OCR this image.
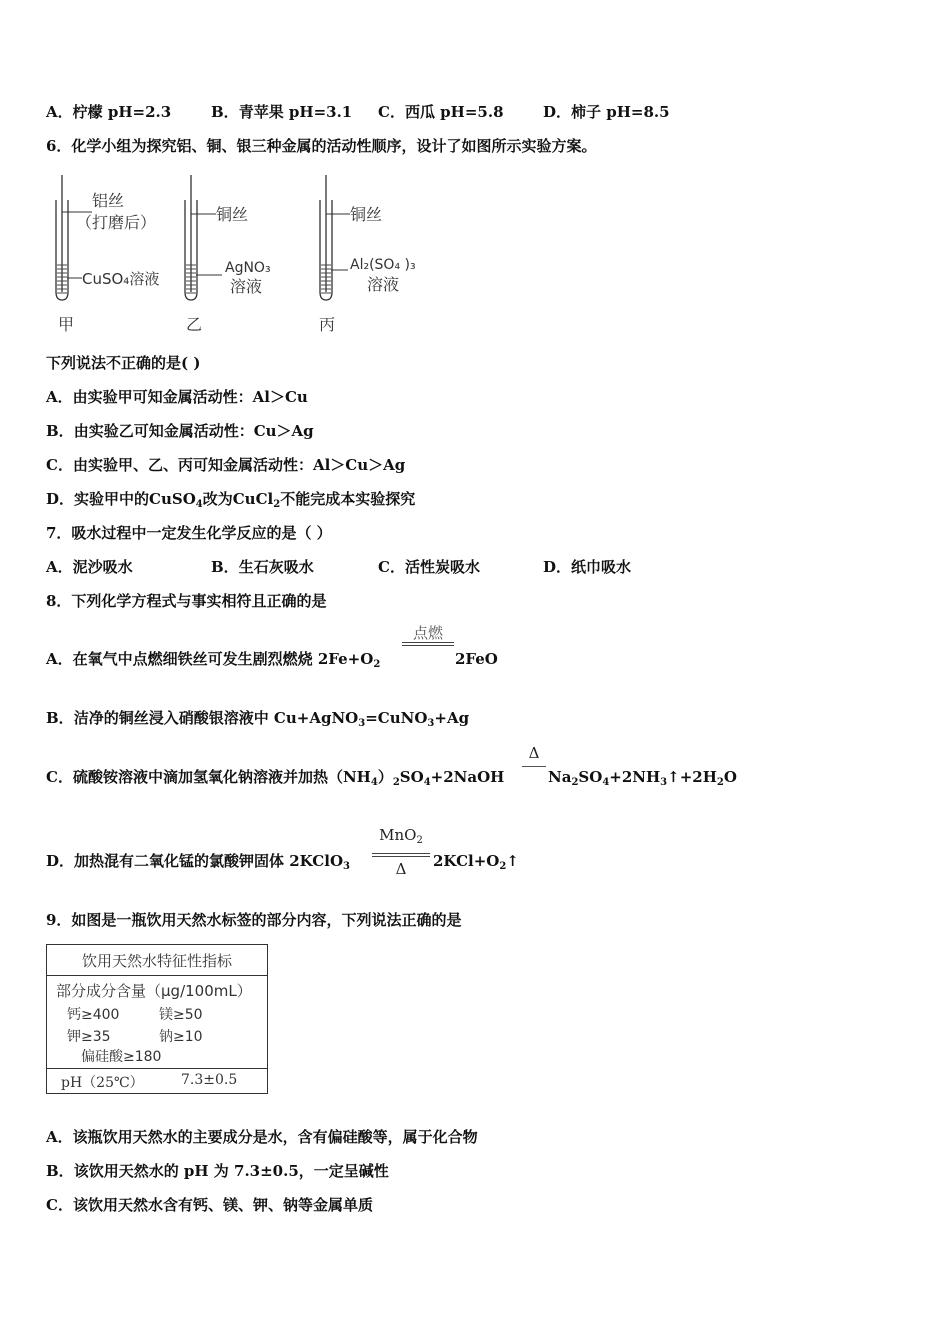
A．柠檬 pH=2.3	B．青苹果 pH=3.1 C．西瓜 pH=5.8	D．柿子 pH=8.5
6．化学小组为探究铝、铜、银三种金属的活动性顺序，设计了如图所示实验方案。
铝丝
（打磨后）
CuSO₄溶液
甲
铜丝
AgNO₃
溶液
乙
铜丝
Al₂(SO₄ )₃
溶液
丙
下列说法不正确的是( )
A．由实验甲可知金属活动性：Al＞Cu
B．由实验乙可知金属活动性：Cu＞Ag
C．由实验甲、乙、丙可知金属活动性：Al＞Cu＞Ag
D．实验甲中的CuSO$_4$改为CuCl$_2$不能完成本实验探究
7．吸水过程中一定发生化学反应的是（ ）
A．泥沙吸水	B．生石灰吸水	C．活性炭吸水	D．纸巾吸水
8．下列化学方程式与事实相符且正确的是
A．在氧气中点燃细铁丝可发生剧烈燃烧 $2Fe+O_2$
点燃
2FeO
B．洁净的铜丝浸入硝酸银溶液中 Cu+AgNO$_3$=CuNO$_3$+Ag
C．硫酸铵溶液中滴加氢氧化钠溶液并加热$(NH_4)_2SO_4+2NaOH$
Δ
$Na_2SO_4+2NH_3↑+2H_2O$
D．加热混有二氧化锰的氯酸钾固体 2KClO$_3$
MnO$_2$
Δ	$2KCl+O_2↑$
9．如图是一瓶饮用天然水标签的部分内容，下列说法正确的是
饮用天然水特征性指标
部分成分含量（μg/100mL）
钙≥400	镁≥50
钾≥35	钠≥10
偏硅酸≥180
pH（25℃）	7.3±0.5
A．该瓶饮用天然水的主要成分是水，含有偏硅酸等，属于化合物
B．该饮用天然水的 pH 为 7.3±0.5，一定呈碱性
C．该饮用天然水含有钙、镁、钾、钠等金属单质
